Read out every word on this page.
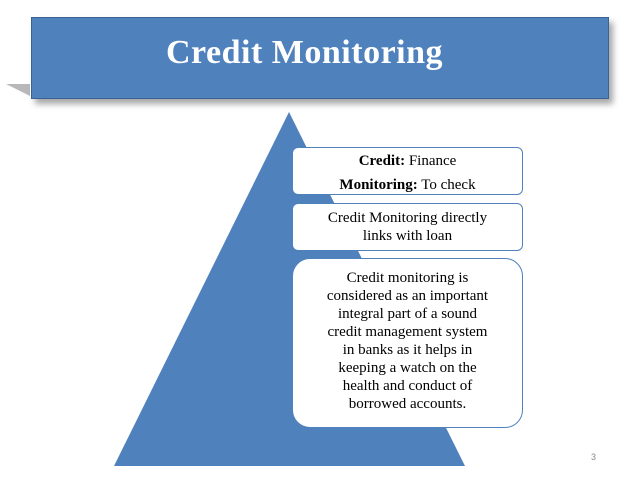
Credit Monitoring
Credit: Finance
Monitoring: To check
Credit Monitoring directly
links with loan
Credit monitoring is
considered as an important
integral part of a sound
credit management system
in banks as it helps in
keeping a watch on the
health and conduct of
borrowed accounts.
3
